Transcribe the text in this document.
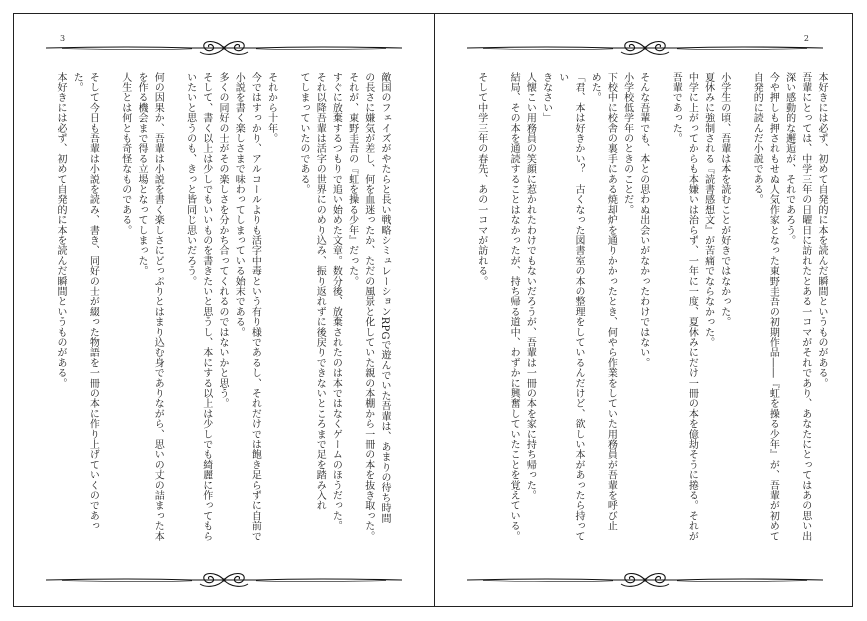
3

敵国のフェイズがやたらと長い戦略シミュレーションRPGで遊んでいた吾輩は、あまりの待ち時間

の長さに嫌気が差し、何を血迷ったか、ただの風景と化していた親の本棚から一冊の本を抜き取った。

それが、東野圭吾の『虹を操る少年』だった。

すぐに放棄するつもりで追い始めた文章。数分後、放棄されたのは本ではなくゲームのほうだった。

それ以降吾輩は活字の世界にのめり込み、振り返れずに後戻りできないところまで足を踏み入れ

てしまっていたのである。

それから十年。

今ではすっかり、アルコールよりも活字中毒という有り様であるし、それだけでは飽き足らずに自前で

小説を書く楽しさまで味わってしまっている始末である。

多くの同好の士がその楽しさを分かち合ってくれるのではないかと思う。

そして、書く以上は少しでもいいものを書きたいと思うし、本にする以上は少しでも綺麗に作ってもら

いたいと思うのも、きっと皆同じ思いだろう。

何の因果か、吾輩は小説を書く楽しさにどっぷりとはまり込む身でありながら、思いの丈の詰まった本

を作る機会まで得る立場となってしまった。

人生とは何とも奇怪なものである。

そして今日も吾輩は小説を読み、書き、同好の士が綴った物語を一冊の本に作り上げていくのであっ

た。

本好きには必ず、初めて自発的に本を読んだ瞬間というものがある。

2

本好きには必ず、初めて自発的に本を読んだ瞬間というものがある。

吾輩にとっては、中学三年の日曜日に訪れたとある一コマがそれであり、あなたにとってはあの思い出

深い感動的な邂逅が、それであろう。

今や押しも押されもせぬ人気作家となった東野圭吾の初期作品――『虹を操る少年』が、吾輩が初めて

自発的に読んだ小説である。

小学生の頃、吾輩は本を読むことが好きではなかった。

夏休みに強制される『読書感想文』が苦痛でならなかった。

中学に上がってからも本嫌いは治らず、一年に一度、夏休みにだけ一冊の本を億劫そうに捲る。それが

吾輩であった。

そんな吾輩でも、本との思わぬ出会いがなかったわけではない。

小学校低学年のときのことだ。

下校中に校舎の裏手にある焼却炉を通りかかったとき、何やら作業をしていた用務員が吾輩を呼び止

めた。

「君、本は好きかい？　古くなった図書室の本の整理をしているんだけど、欲しい本があったら持ってい

きなさい」

人懐こい用務員の笑顔に惹かれたわけでもないだろうが、吾輩は一冊の本を家に持ち帰った。

結局、その本を通読することはなかったが、持ち帰る道中、わずかに興奮していたことを覚えている。

そして中学三年の春先、あの一コマが訪れる。
